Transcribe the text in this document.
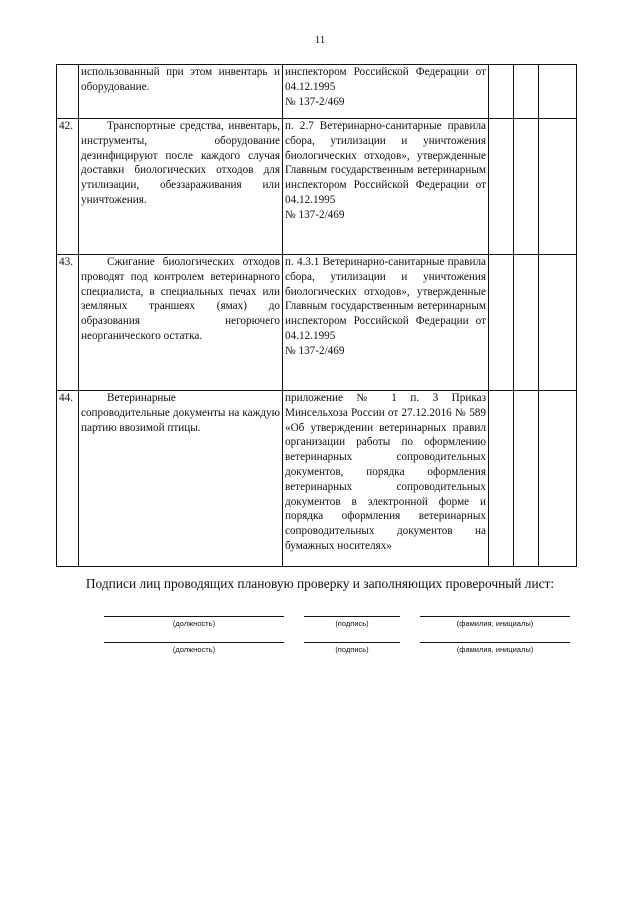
11

	использованный при этом инвентарь и оборудование.	инспектором Российской Федерации от 04.12.1995
№ 137-2/469			

42.	Транспортные средства, инвентарь, инструменты, оборудование дезинфицируют после каждого случая доставки биологических отходов для утилизации, обеззараживания или уничтожения.	п. 2.7 Ветеринарно-санитарные правила сбора, утилизации и уничтожения биологических отходов», утвержденные Главным государственным ветеринарным инспектором Российской Федерации от 04.12.1995
№ 137-2/469			

43.	Сжигание биологических отходов проводят под контролем ветеринарного специалиста, в специальных печах или земляных траншеях (ямах) до образования негорючего неорганического остатка.	п. 4.3.1 Ветеринарно-санитарные правила сбора, утилизации и уничтожения биологических отходов», утвержденные Главным государственным ветеринарным инспектором Российской Федерации от 04.12.1995
№ 137-2/469			

44.	Ветеринарные
сопроводительные документы на каждую партию ввозимой птицы.	приложение № 1 п. 3 Приказ Минсельхоза России от 27.12.2016 № 589 «Об утверждении ветеринарных правил организации работы по оформлению ветеринарных сопроводительных документов, порядка оформления ветеринарных сопроводительных документов в электронной форме и порядка оформления ветеринарных сопроводительных документов на бумажных носителях»			

Подписи лиц проводящих плановую проверку и заполняющих проверочный лист:
(должность)	(подпись)	(фамилия, инициалы)
(должность)	(подпись)	(фамилия, инициалы)
